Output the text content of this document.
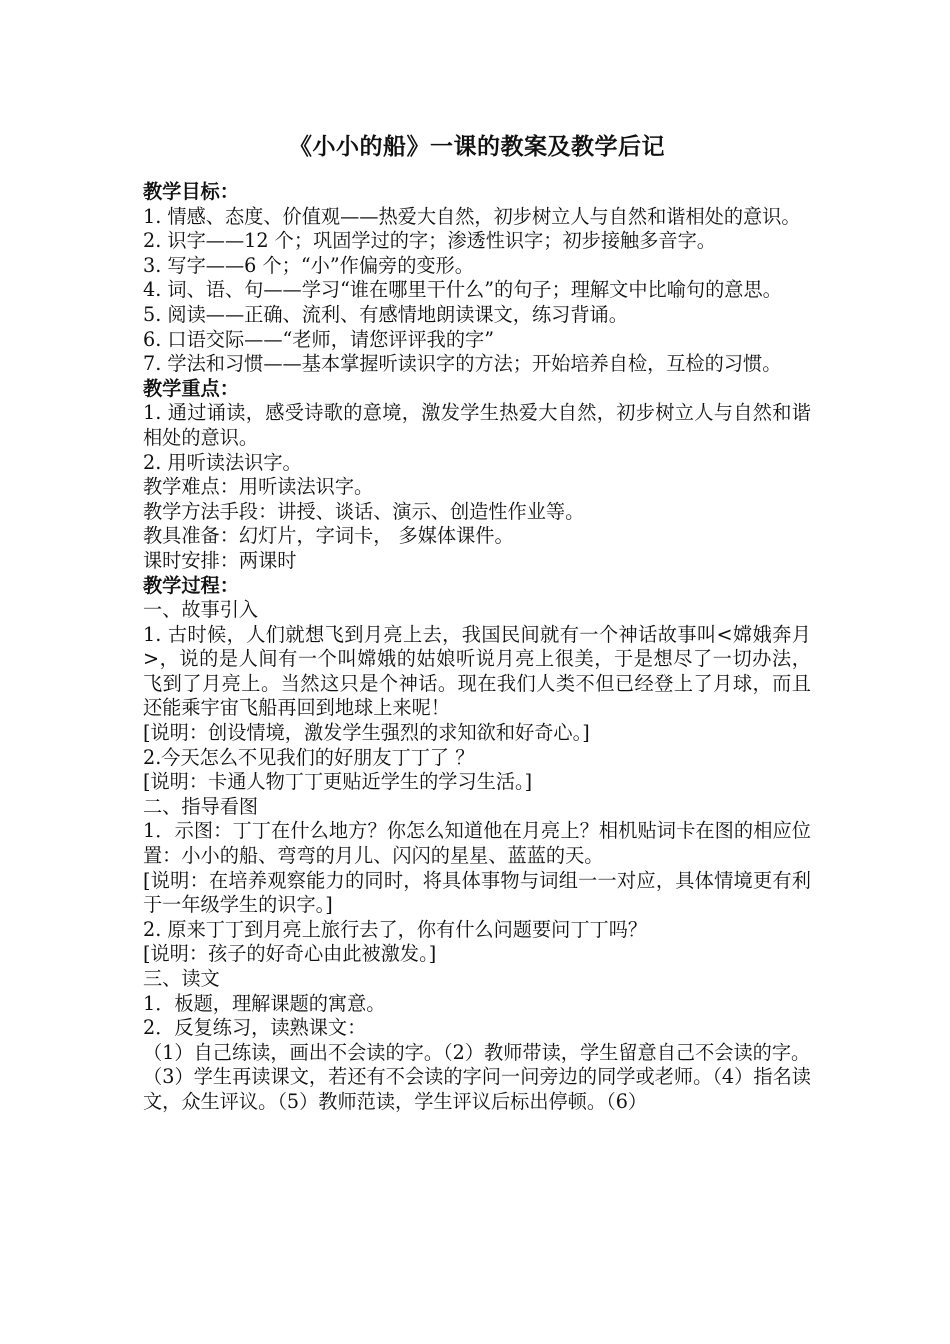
《小小的船》一课的教案及教学后记
教学目标：
1. 情感、态度、价值观——热爱大自然，初步树立人与自然和谐相处的意识。
2. 识字——12 个；巩固学过的字；渗透性识字；初步接触多音字。
3. 写字——6 个；“小”作偏旁的变形。
4. 词、语、句——学习“谁在哪里干什么”的句子；理解文中比喻句的意思。
5. 阅读——正确、流利、有感情地朗读课文，练习背诵。
6. 口语交际——“老师，请您评评我的字”
7. 学法和习惯——基本掌握听读识字的方法；开始培养自检，互检的习惯。
教学重点：
1. 通过诵读，感受诗歌的意境，激发学生热爱大自然，初步树立人与自然和谐相处的意识。
2. 用听读法识字。
教学难点：用听读法识字。
教学方法手段：讲授、谈话、演示、创造性作业等。
教具准备：幻灯片，字词卡， 多媒体课件。
课时安排：两课时
教学过程：
一、故事引入
1. 古时候，人们就想飞到月亮上去，我国民间就有一个神话故事叫<嫦娥奔月>，说的是人间有一个叫嫦娥的姑娘听说月亮上很美，于是想尽了一切办法，飞到了月亮上。当然这只是个神话。现在我们人类不但已经登上了月球，而且还能乘宇宙飞船再回到地球上来呢！
[说明：创设情境，激发学生强烈的求知欲和好奇心。]
2.今天怎么不见我们的好朋友丁丁了 ？
[说明：卡通人物丁丁更贴近学生的学习生活。]
二、指导看图
1．示图：丁丁在什么地方？你怎么知道他在月亮上？相机贴词卡在图的相应位置：小小的船、弯弯的月儿、闪闪的星星、蓝蓝的天。
[说明：在培养观察能力的同时，将具体事物与词组一一对应，具体情境更有利于一年级学生的识字。]
2. 原来丁丁到月亮上旅行去了，你有什么问题要问丁丁吗？
[说明：孩子的好奇心由此被激发。]
三、读文
1．板题，理解课题的寓意。
2．反复练习，读熟课文：
（1）自己练读，画出不会读的字。（2）教师带读，学生留意自己不会读的字。
（3）学生再读课文，若还有不会读的字问一问旁边的同学或老师。（4）指名读文，众生评议。（5）教师范读，学生评议后标出停顿。（6）
